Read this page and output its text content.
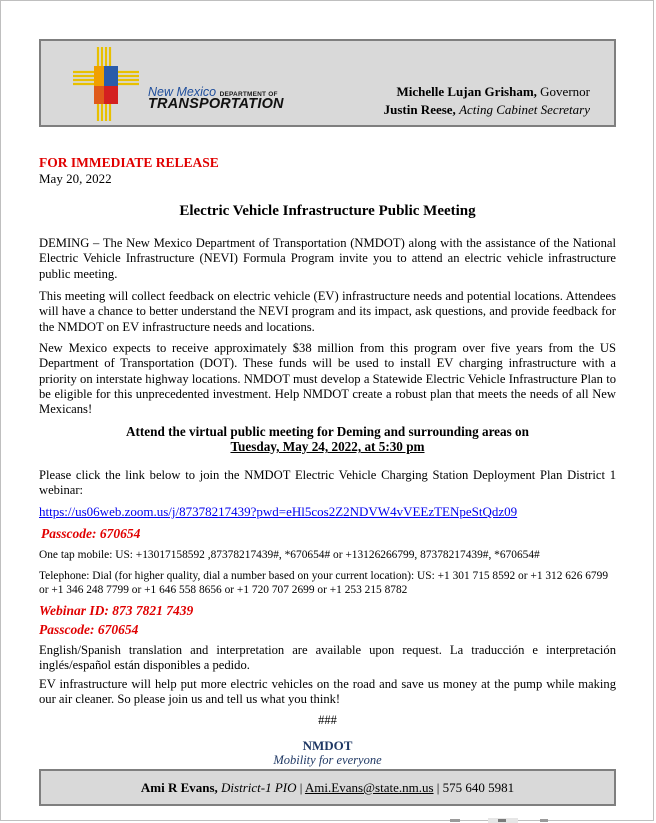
New Mexico DEPARTMENT OF
TRANSPORTATION
Michelle Lujan Grisham, Governor
Justin Reese, Acting Cabinet Secretary
FOR IMMEDIATE RELEASE
May 20, 2022
Electric Vehicle Infrastructure Public Meeting
DEMING – The New Mexico Department of Transportation (NMDOT) along with the assistance of the National Electric Vehicle Infrastructure (NEVI) Formula Program invite you to attend an electric vehicle infrastructure public meeting.
This meeting will collect feedback on electric vehicle (EV) infrastructure needs and potential locations. Attendees will have a chance to better understand the NEVI program and its impact, ask questions, and provide feedback for the NMDOT on EV infrastructure needs and locations.
New Mexico expects to receive approximately $38 million from this program over five years from the US Department of Transportation (DOT). These funds will be used to install EV charging infrastructure with a priority on interstate highway locations. NMDOT must develop a Statewide Electric Vehicle Infrastructure Plan to be eligible for this unprecedented investment. Help NMDOT create a robust plan that meets the needs of all New Mexicans!
Attend the virtual public meeting for Deming and surrounding areas on
Tuesday, May 24, 2022, at 5:30 pm
Please click the link below to join the NMDOT Electric Vehicle Charging Station Deployment Plan District 1 webinar:
https://us06web.zoom.us/j/87378217439?pwd=eHl5cos2Z2NDVW4vVEEzTENpeStQdz09
Passcode: 670654
One tap mobile: US: +13017158592 ,87378217439#, *670654# or +13126266799, 87378217439#, *670654#
Telephone: Dial (for higher quality, dial a number based on your current location): US: +1 301 715 8592 or +1 312 626 6799 or +1 346 248 7799 or +1 646 558 8656 or +1 720 707 2699 or +1 253 215 8782
Webinar ID: 873 7821 7439
Passcode: 670654
English/Spanish translation and interpretation are available upon request. La traducción e interpretación inglés/español están disponibles a pedido.
EV infrastructure will help put more electric vehicles on the road and save us money at the pump while making our air cleaner. So please join us and tell us what you think!
###
NMDOT
Mobility for everyone
Ami R Evans, District-1 PIO | Ami.Evans@state.nm.us | 575 640 5981
